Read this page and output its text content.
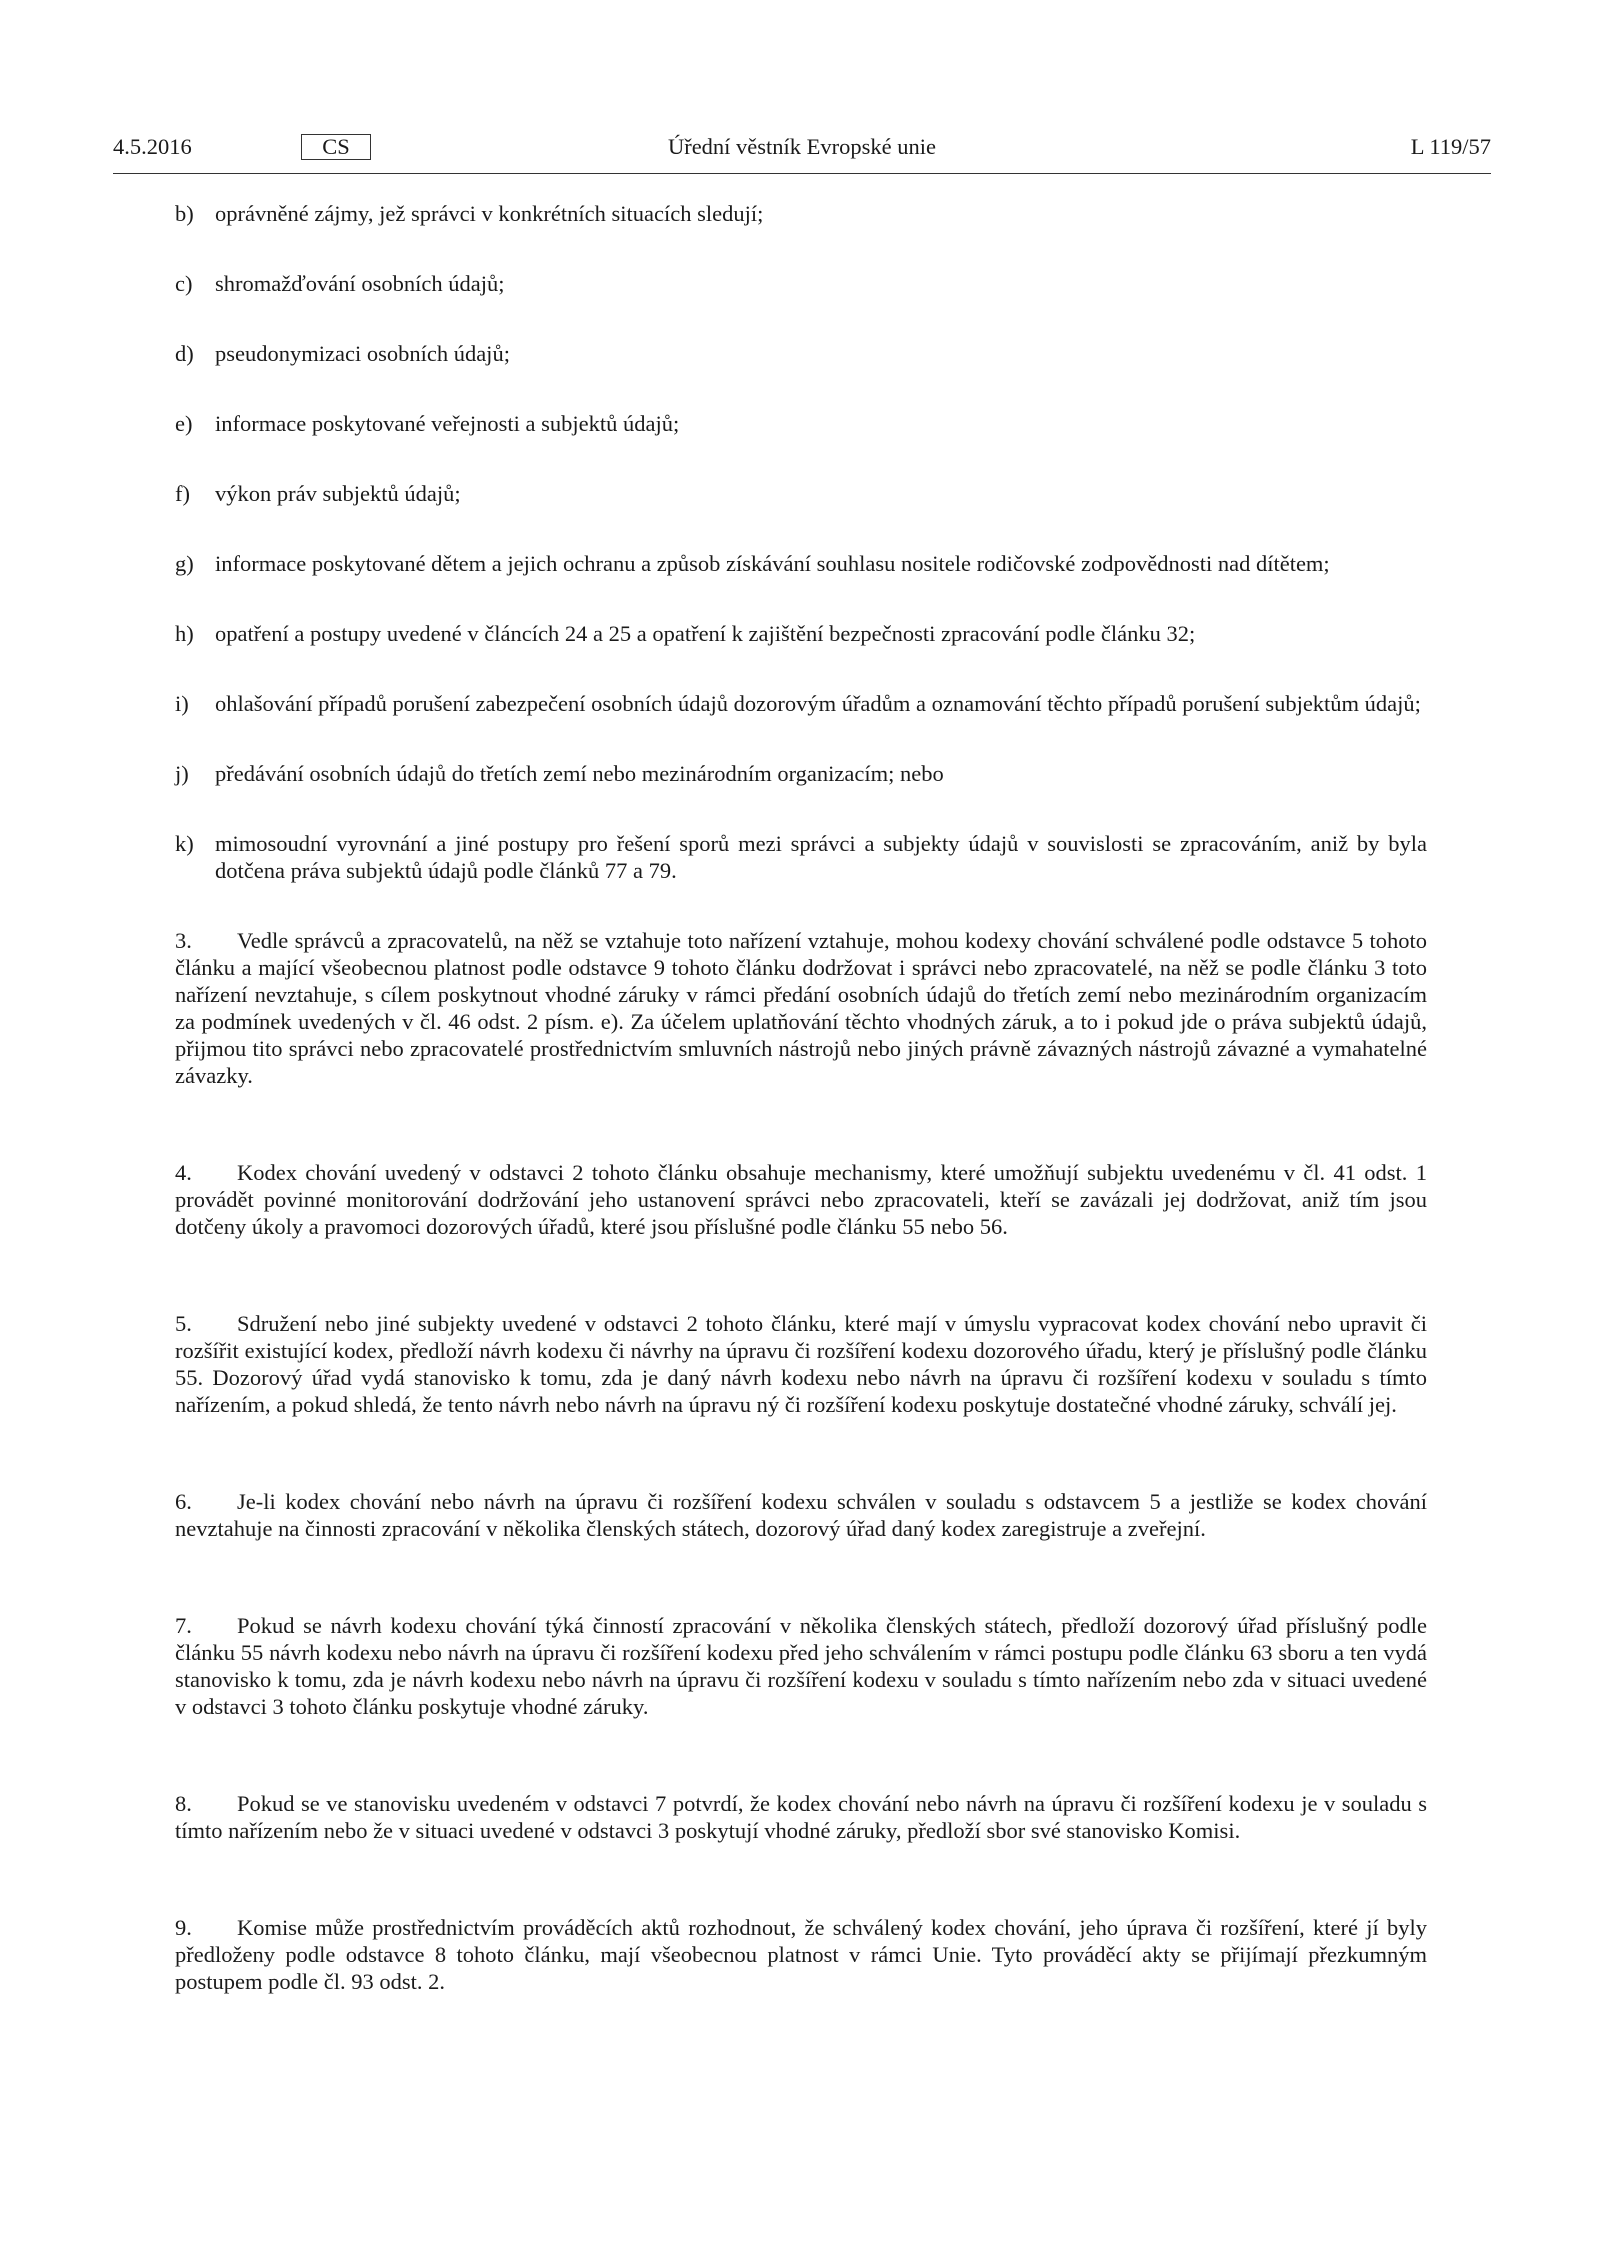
4.5.2016	CS	Úřední věstník Evropské unie	L 119/57
b) oprávněné zájmy, jež správci v konkrétních situacích sledují;
c) shromažďování osobních údajů;
d) pseudonymizaci osobních údajů;
e) informace poskytované veřejnosti a subjektů údajů;
f) výkon práv subjektů údajů;
g) informace poskytované dětem a jejich ochranu a způsob získávání souhlasu nositele rodičovské zodpovědnosti nad dítětem;
h) opatření a postupy uvedené v článcích 24 a 25 a opatření k zajištění bezpečnosti zpracování podle článku 32;
i) ohlašování případů porušení zabezpečení osobních údajů dozorovým úřadům a oznamování těchto případů porušení subjektům údajů;
j) předávání osobních údajů do třetích zemí nebo mezinárodním organizacím; nebo
k) mimosoudní vyrovnání a jiné postupy pro řešení sporů mezi správci a subjekty údajů v souvislosti se zpracováním, aniž by byla dotčena práva subjektů údajů podle článků 77 a 79.
3. Vedle správců a zpracovatelů, na něž se vztahuje toto nařízení vztahuje, mohou kodexy chování schválené podle odstavce 5 tohoto článku a mající všeobecnou platnost podle odstavce 9 tohoto článku dodržovat i správci nebo zpracovatelé, na něž se podle článku 3 toto nařízení nevztahuje, s cílem poskytnout vhodné záruky v rámci předání osobních údajů do třetích zemí nebo mezinárodním organizacím za podmínek uvedených v čl. 46 odst. 2 písm. e). Za účelem uplatňování těchto vhodných záruk, a to i pokud jde o práva subjektů údajů, přijmou tito správci nebo zpracovatelé prostřednictvím smluvních nástrojů nebo jiných právně závazných nástrojů závazné a vymahatelné závazky.
4. Kodex chování uvedený v odstavci 2 tohoto článku obsahuje mechanismy, které umožňují subjektu uvedenému v čl. 41 odst. 1 provádět povinné monitorování dodržování jeho ustanovení správci nebo zpracovateli, kteří se zavázali jej dodržovat, aniž tím jsou dotčeny úkoly a pravomoci dozorových úřadů, které jsou příslušné podle článku 55 nebo 56.
5. Sdružení nebo jiné subjekty uvedené v odstavci 2 tohoto článku, které mají v úmyslu vypracovat kodex chování nebo upravit či rozšířit existující kodex, předloží návrh kodexu či návrhy na úpravu či rozšíření kodexu dozorového úřadu, který je příslušný podle článku 55. Dozorový úřad vydá stanovisko k tomu, zda je daný návrh kodexu nebo návrh na úpravu či rozšíření kodexu v souladu s tímto nařízením, a pokud shledá, že tento návrh nebo návrh na úpravu ný či rozšíření kodexu poskytuje dostatečné vhodné záruky, schválí jej.
6. Je-li kodex chování nebo návrh na úpravu či rozšíření kodexu schválen v souladu s odstavcem 5 a jestliže se kodex chování nevztahuje na činnosti zpracování v několika členských státech, dozorový úřad daný kodex zaregistruje a zveřejní.
7. Pokud se návrh kodexu chování týká činností zpracování v několika členských státech, předloží dozorový úřad příslušný podle článku 55 návrh kodexu nebo návrh na úpravu či rozšíření kodexu před jeho schválením v rámci postupu podle článku 63 sboru a ten vydá stanovisko k tomu, zda je návrh kodexu nebo návrh na úpravu či rozšíření kodexu v souladu s tímto nařízením nebo zda v situaci uvedené v odstavci 3 tohoto článku poskytuje vhodné záruky.
8. Pokud se ve stanovisku uvedeném v odstavci 7 potvrdí, že kodex chování nebo návrh na úpravu či rozšíření kodexu je v souladu s tímto nařízením nebo že v situaci uvedené v odstavci 3 poskytují vhodné záruky, předloží sbor své stanovisko Komisi.
9. Komise může prostřednictvím prováděcích aktů rozhodnout, že schválený kodex chování, jeho úprava či rozšíření, které jí byly předloženy podle odstavce 8 tohoto článku, mají všeobecnou platnost v rámci Unie. Tyto prováděcí akty se přijímají přezkumným postupem podle čl. 93 odst. 2.
